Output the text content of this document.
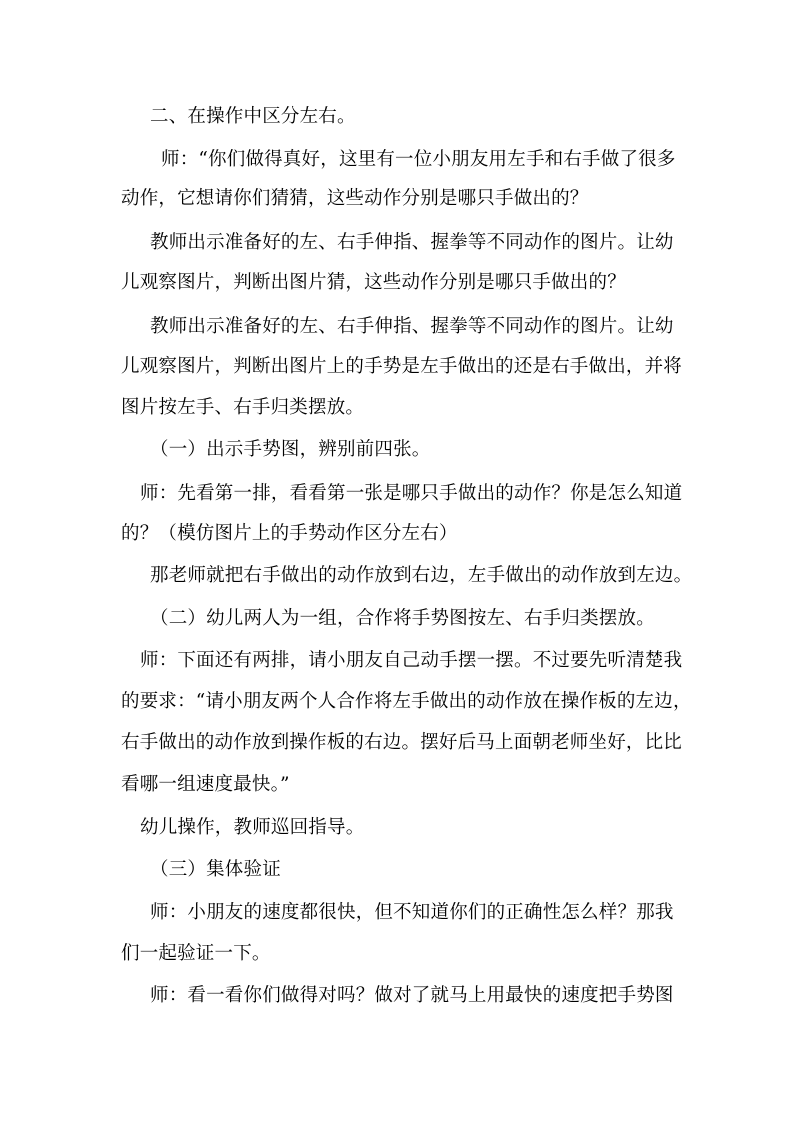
二、在操作中区分左右。
师：“你们做得真好，这里有一位小朋友用左手和右手做了很多
动作，它想请你们猜猜，这些动作分别是哪只手做出的？
教师出示准备好的左、右手伸指、握拳等不同动作的图片。让幼
儿观察图片，判断出图片猜，这些动作分别是哪只手做出的？
教师出示准备好的左、右手伸指、握拳等不同动作的图片。让幼
儿观察图片，判断出图片上的手势是左手做出的还是右手做出，并将
图片按左手、右手归类摆放。
（一）出示手势图，辨别前四张。
师：先看第一排，看看第一张是哪只手做出的动作？你是怎么知道
的？（模仿图片上的手势动作区分左右）
那老师就把右手做出的动作放到右边，左手做出的动作放到左边。
（二）幼儿两人为一组，合作将手势图按左、右手归类摆放。
师：下面还有两排，请小朋友自己动手摆一摆。不过要先听清楚我
的要求：“请小朋友两个人合作将左手做出的动作放在操作板的左边，
右手做出的动作放到操作板的右边。摆好后马上面朝老师坐好，比比
看哪一组速度最快。”
幼儿操作，教师巡回指导。
（三）集体验证
师：小朋友的速度都很快，但不知道你们的正确性怎么样？那我
们一起验证一下。
师：看一看你们做得对吗？做对了就马上用最快的速度把手势图
